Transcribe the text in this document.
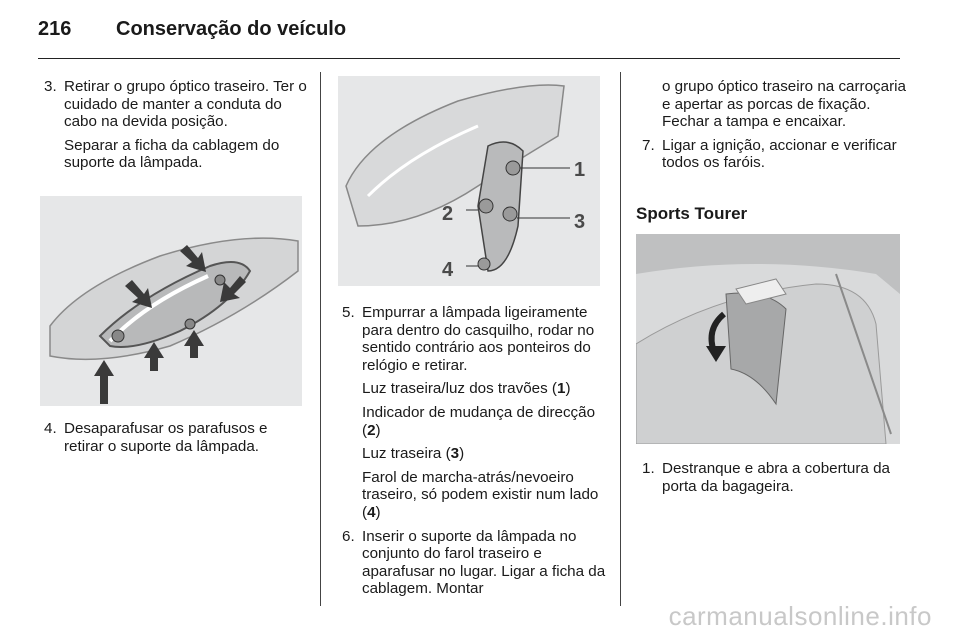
216 Conservação do veículo
3. Retirar o grupo óptico traseiro. Ter o cuidado de manter a conduta do cabo na devida posição.

Separar a ficha da cablagem do suporte da lâmpada.

4. Desaparafusar os parafusos e retirar o suporte da lâmpada.

1
2	3
4
5. Empurrar a lâmpada ligeiramente para dentro do casquilho, rodar no sentido contrário aos ponteiros do relógio e retirar.

Luz traseira/luz dos travões (1)

Indicador de mudança de direcção (2)

Luz traseira (3)

Farol de marcha-atrás/nevoeiro traseiro, só podem existir num lado (4)

6. Inserir o suporte da lâmpada no conjunto do farol traseiro e aparafusar no lugar. Ligar a ficha da cablagem. Montar

o grupo óptico traseiro na carroçaria e apertar as porcas de fixação. Fechar a tampa e encaixar.

7. Ligar a ignição, accionar e verificar todos os faróis.

Sports Tourer
1. Destranque e abra a cobertura da porta da bagageira.

carmanualsonline.info
